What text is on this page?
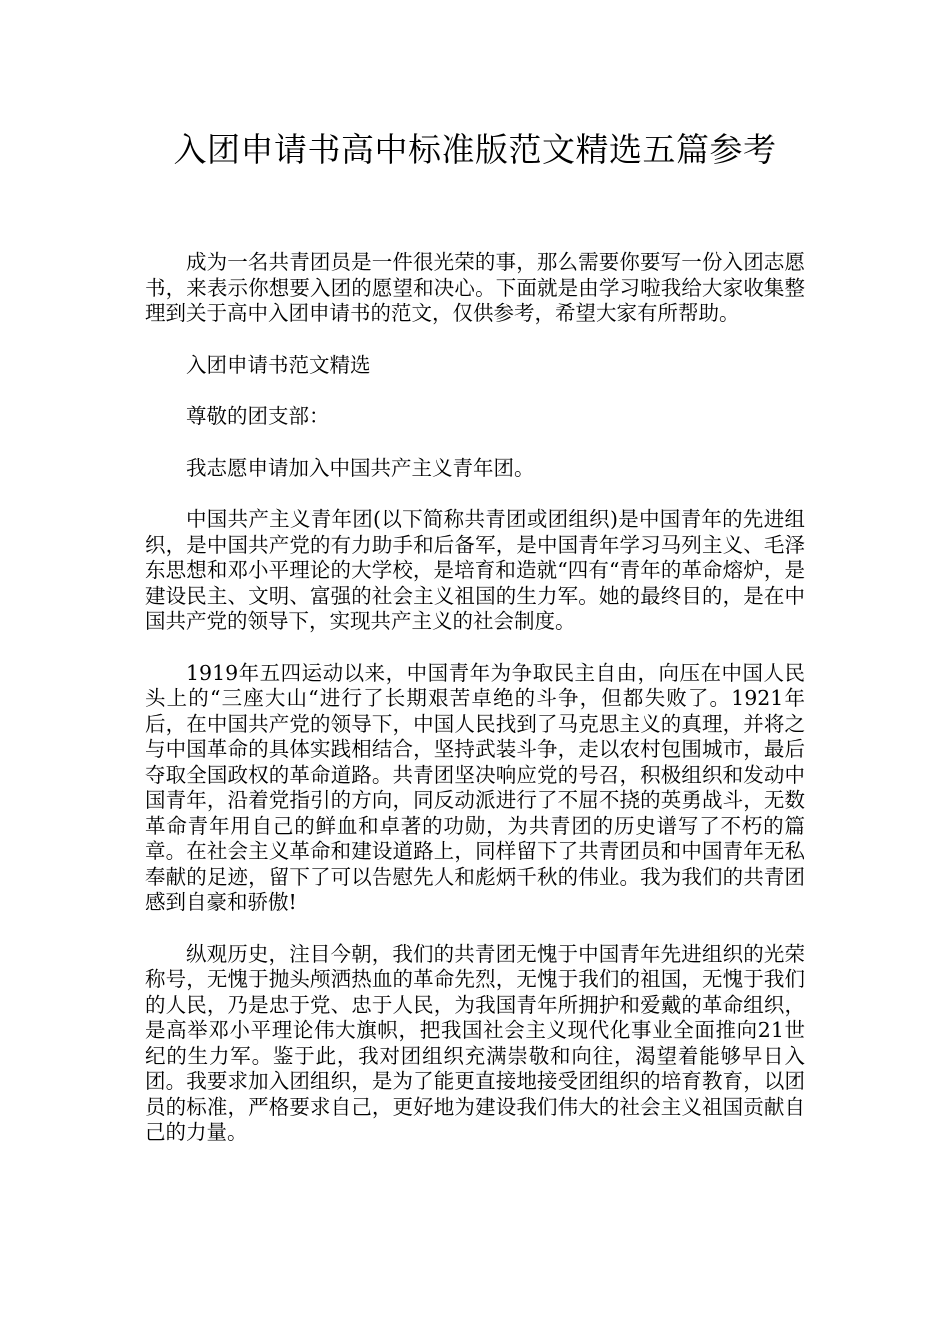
入团申请书高中标准版范文精选五篇参考

成为一名共青团员是一件很光荣的事，那么需要你要写一份入团志愿书，来表示你想要入团的愿望和决心。下面就是由学习啦我给大家收集整理到关于高中入团申请书的范文，仅供参考，希望大家有所帮助。

入团申请书范文精选

尊敬的团支部：

我志愿申请加入中国共产主义青年团。

中国共产主义青年团(以下简称共青团或团组织)是中国青年的先进组织，是中国共产党的有力助手和后备军，是中国青年学习马列主义、毛泽东思想和邓小平理论的大学校，是培育和造就“四有“青年的革命熔炉，是建设民主、文明、富强的社会主义祖国的生力军。她的最终目的，是在中国共产党的领导下，实现共产主义的社会制度。

1919年五四运动以来，中国青年为争取民主自由，向压在中国人民头上的“三座大山“进行了长期艰苦卓绝的斗争，但都失败了。1921年后，在中国共产党的领导下，中国人民找到了马克思主义的真理，并将之与中国革命的具体实践相结合，坚持武装斗争，走以农村包围城市，最后夺取全国政权的革命道路。共青团坚决响应党的号召，积极组织和发动中国青年，沿着党指引的方向，同反动派进行了不屈不挠的英勇战斗，无数革命青年用自己的鲜血和卓著的功勋，为共青团的历史谱写了不朽的篇章。在社会主义革命和建设道路上，同样留下了共青团员和中国青年无私奉献的足迹，留下了可以告慰先人和彪炳千秋的伟业。我为我们的共青团感到自豪和骄傲!

纵观历史，注目今朝，我们的共青团无愧于中国青年先进组织的光荣称号，无愧于抛头颅洒热血的革命先烈，无愧于我们的祖国，无愧于我们的人民，乃是忠于党、忠于人民，为我国青年所拥护和爱戴的革命组织，是高举邓小平理论伟大旗帜，把我国社会主义现代化事业全面推向21世纪的生力军。鉴于此，我对团组织充满崇敬和向往，渴望着能够早日入团。我要求加入团组织，是为了能更直接地接受团组织的培育教育，以团员的标准，严格要求自己，更好地为建设我们伟大的社会主义祖国贡献自己的力量。
